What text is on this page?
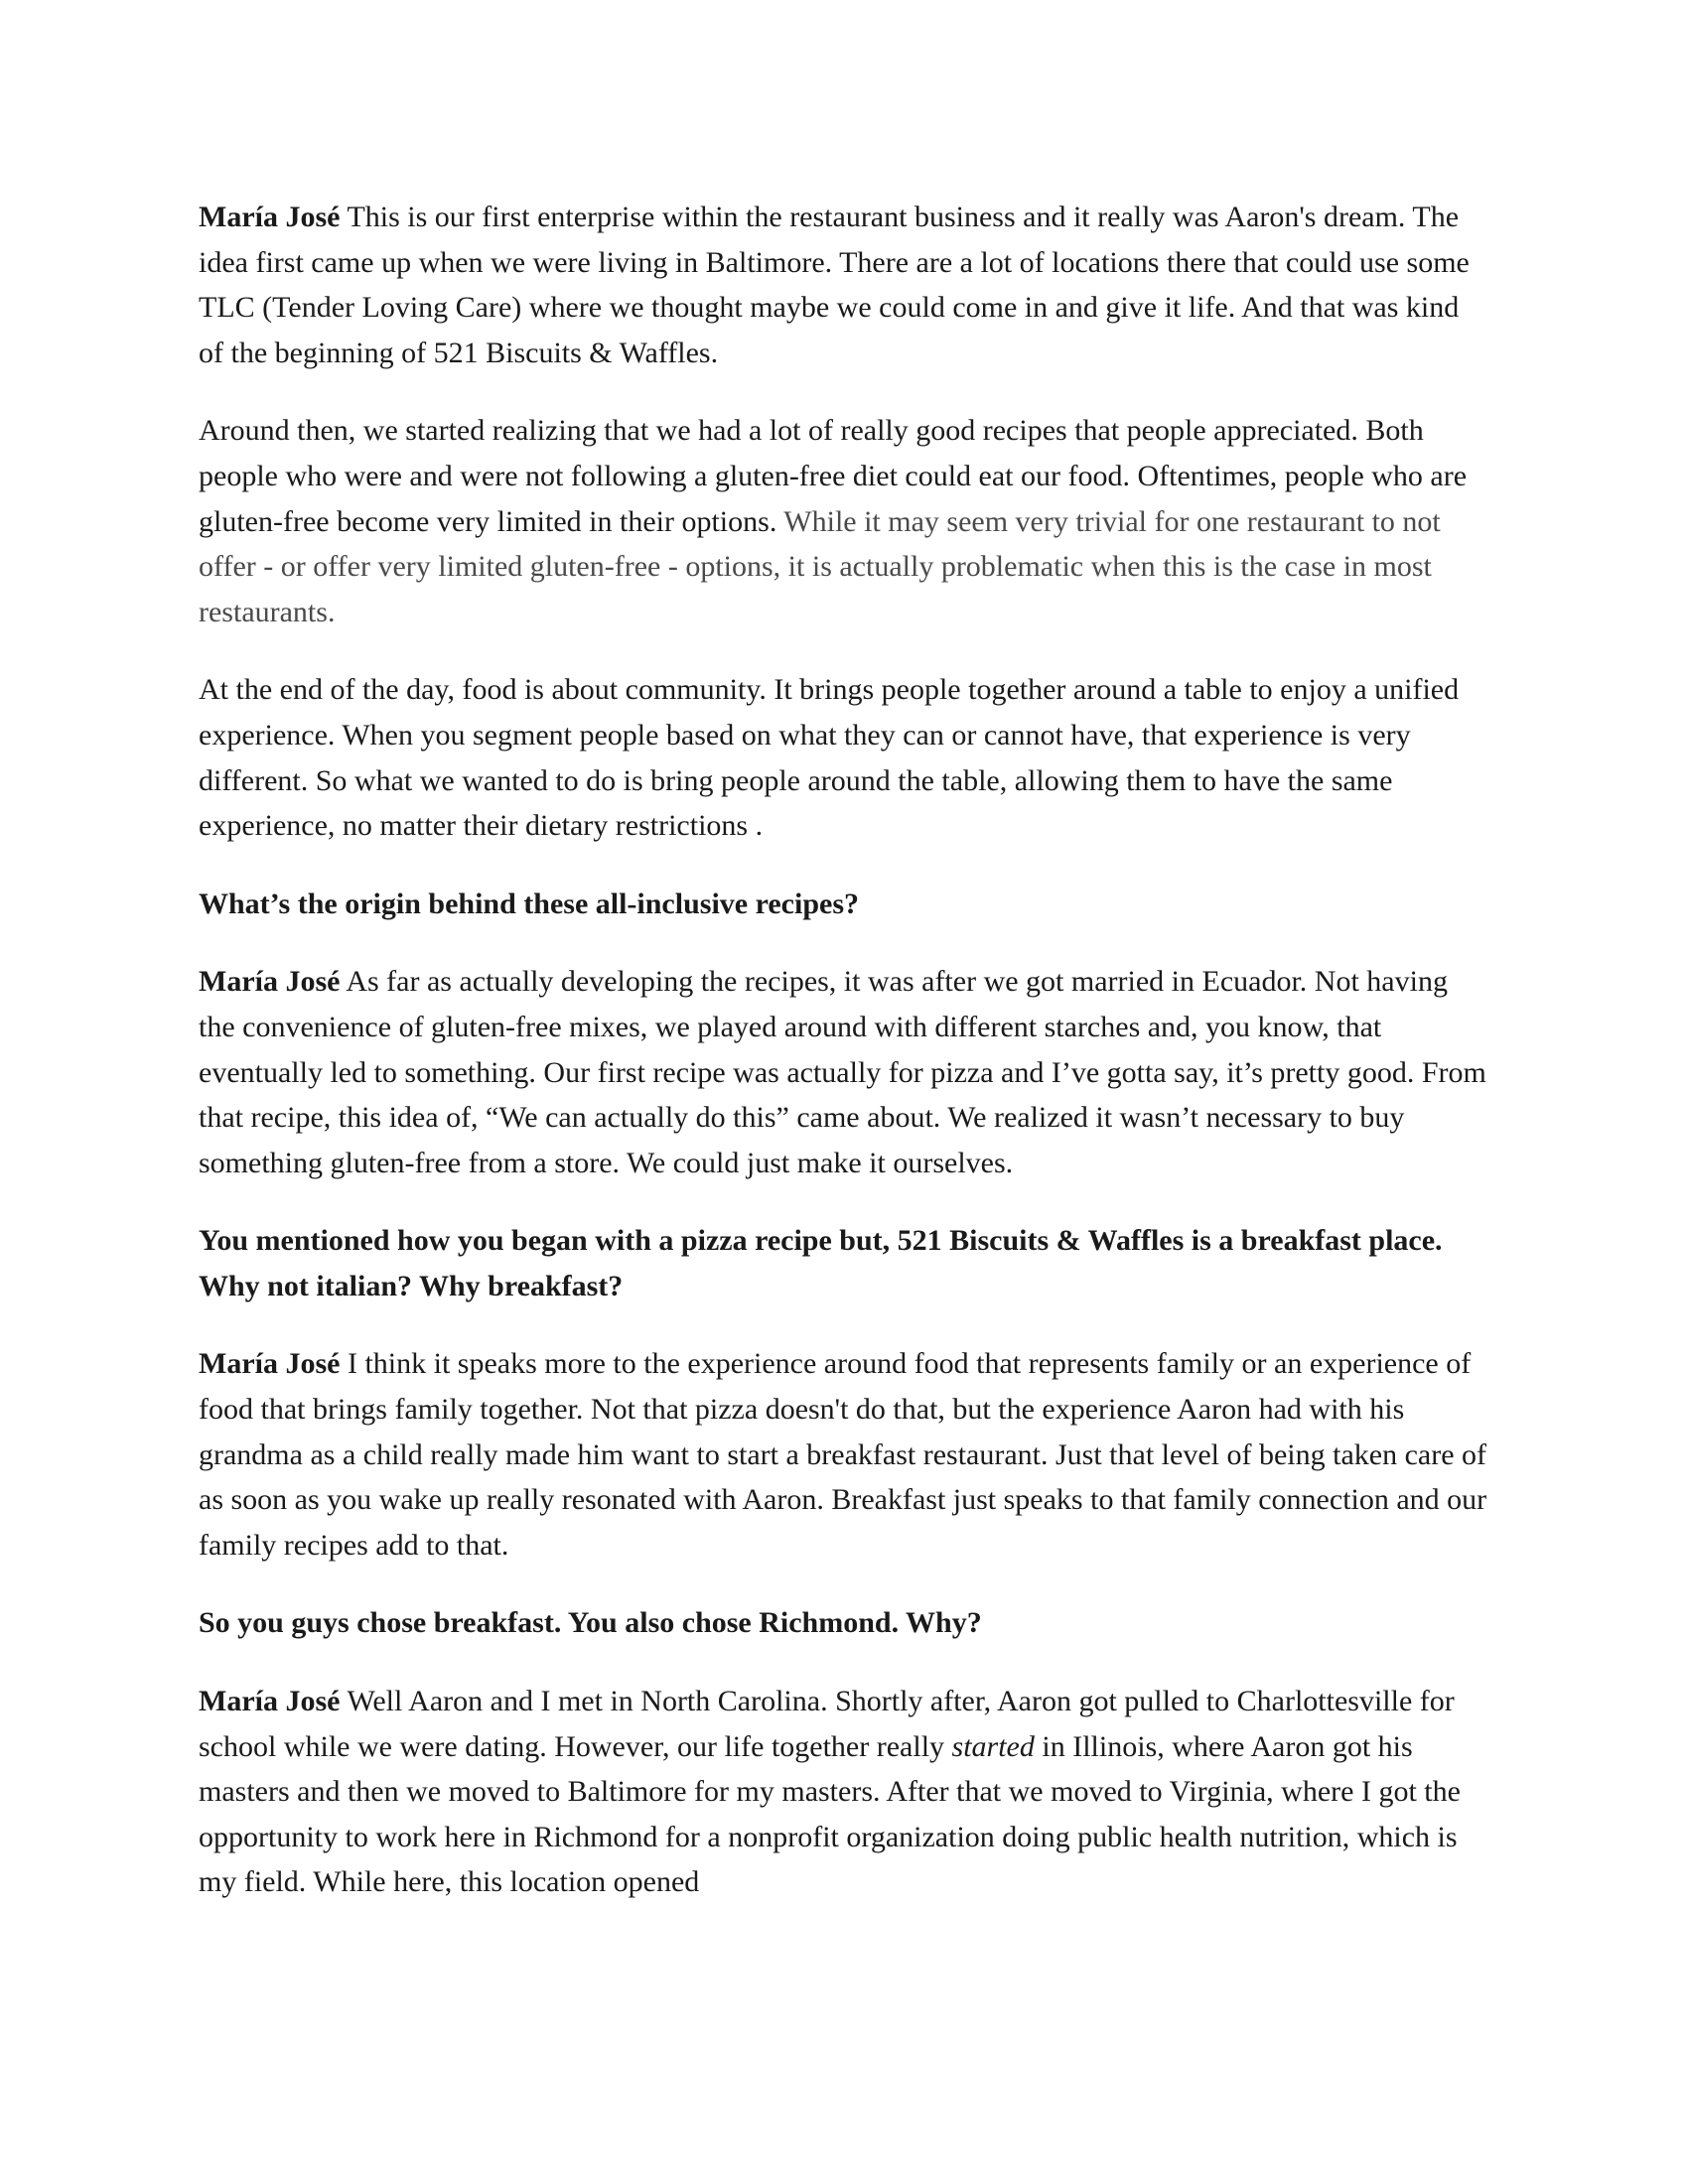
María José This is our first enterprise within the restaurant business and it really was Aaron's dream. The idea first came up when we were living in Baltimore. There are a lot of locations there that could use some TLC (Tender Loving Care) where we thought maybe we could come in and give it life. And that was kind of the beginning of 521 Biscuits & Waffles.

Around then, we started realizing that we had a lot of really good recipes that people appreciated. Both people who were and were not following a gluten-free diet could eat our food. Oftentimes, people who are gluten-free become very limited in their options. While it may seem very trivial for one restaurant to not offer - or offer very limited gluten-free - options, it is actually problematic when this is the case in most restaurants.

At the end of the day, food is about community. It brings people together around a table to enjoy a unified experience. When you segment people based on what they can or cannot have, that experience is very different. So what we wanted to do is bring people around the table, allowing them to have the same experience, no matter their dietary restrictions .

What’s the origin behind these all-inclusive recipes?

María José As far as actually developing the recipes, it was after we got married in Ecuador. Not having the convenience of gluten-free mixes, we played around with different starches and, you know, that eventually led to something. Our first recipe was actually for pizza and I’ve gotta say, it’s pretty good. From that recipe, this idea of, “We can actually do this” came about. We realized it wasn’t necessary to buy something gluten-free from a store. We could just make it ourselves.

You mentioned how you began with a pizza recipe but, 521 Biscuits & Waffles is a breakfast place. Why not italian? Why breakfast?

María José I think it speaks more to the experience around food that represents family or an experience of food that brings family together. Not that pizza doesn't do that, but the experience Aaron had with his grandma as a child really made him want to start a breakfast restaurant. Just that level of being taken care of as soon as you wake up really resonated with Aaron. Breakfast just speaks to that family connection and our family recipes add to that.

So you guys chose breakfast. You also chose Richmond. Why?

María José Well Aaron and I met in North Carolina. Shortly after, Aaron got pulled to Charlottesville for school while we were dating. However, our life together really started in Illinois, where Aaron got his masters and then we moved to Baltimore for my masters. After that we moved to Virginia, where I got the opportunity to work here in Richmond for a nonprofit organization doing public health nutrition, which is my field. While here, this location opened
